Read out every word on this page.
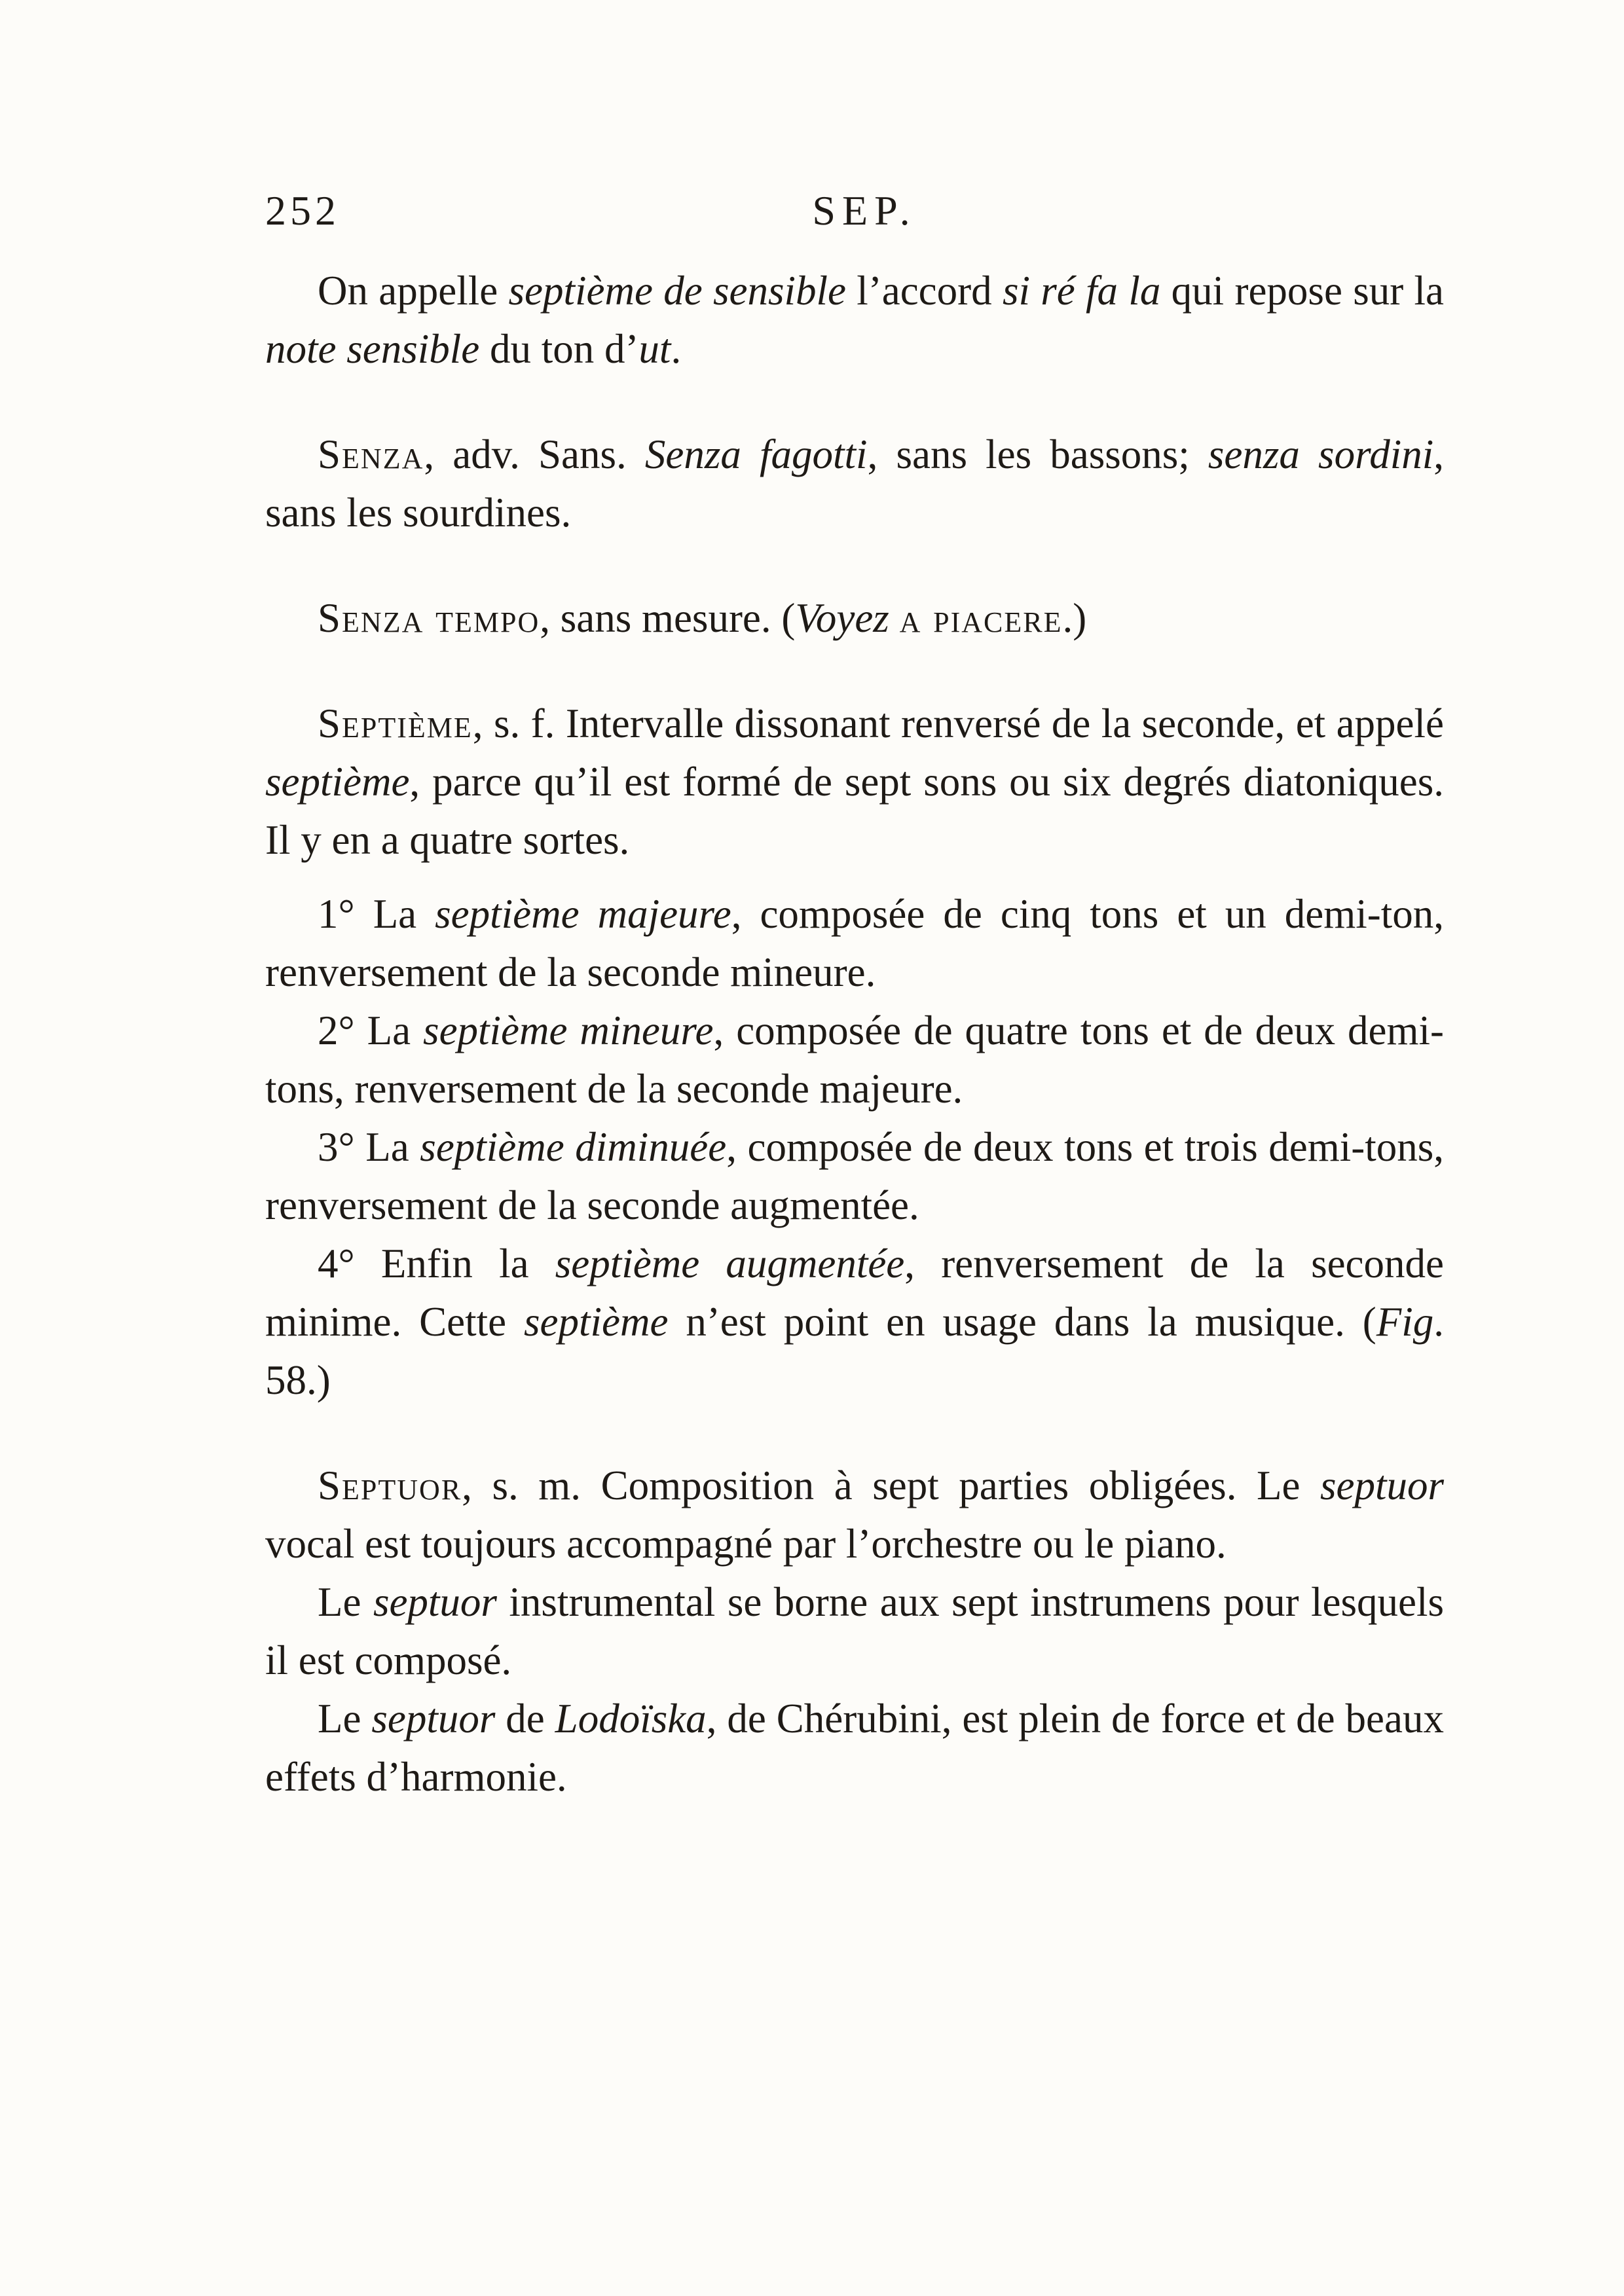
252	SEP.

On appelle septième de sensible l’accord si ré fa la qui repose sur la note sensible du ton d’ut.

Senza, adv. Sans. Senza fagotti, sans les bassons; senza sordini, sans les sourdines.

Senza tempo, sans mesure. (Voyez a piacere.)

Septième, s. f. Intervalle dissonant renversé de la seconde, et appelé septième, parce qu’il est formé de sept sons ou six degrés diatoniques. Il y en a quatre sortes.

1° La septième majeure, composée de cinq tons et un demi-ton, renversement de la seconde mineure.

2° La septième mineure, composée de quatre tons et de deux demi-tons, renversement de la seconde majeure.

3° La septième diminuée, composée de deux tons et trois demi-tons, renversement de la seconde augmentée.

4° Enfin la septième augmentée, renversement de la seconde minime. Cette septième n’est point en usage dans la musique. (Fig. 58.)

Septuor, s. m. Composition à sept parties obligées. Le septuor vocal est toujours accompagné par l’orchestre ou le piano.

Le septuor instrumental se borne aux sept instrumens pour lesquels il est composé.

Le septuor de Lodoïska, de Chérubini, est plein de force et de beaux effets d’harmonie.
